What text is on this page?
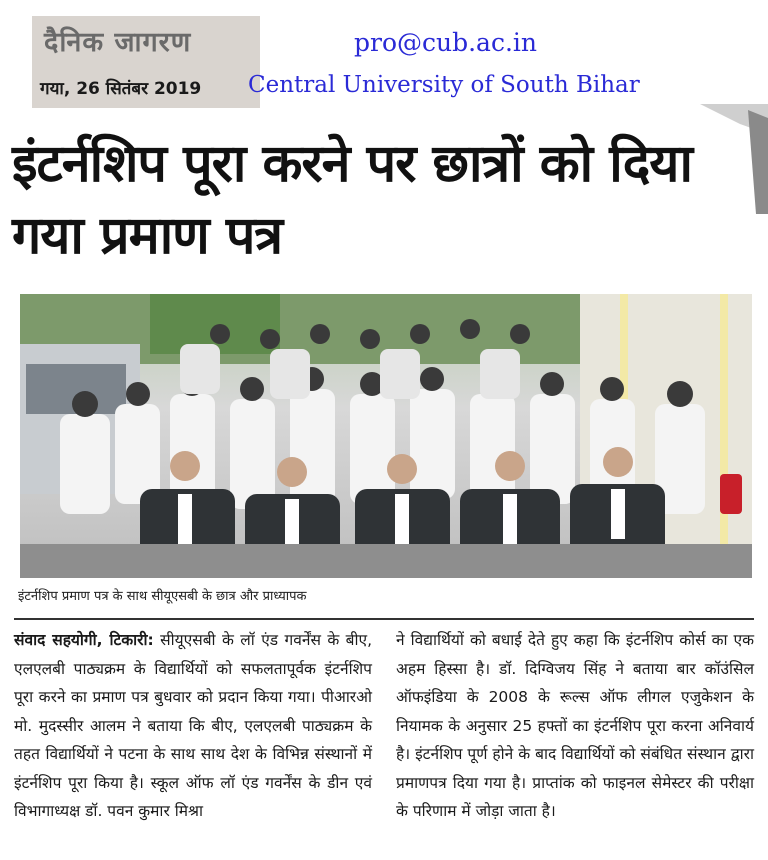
दैनिक जागरण
गया, 26 सितंबर 2019
pro@cub.ac.in
Central University of South Bihar
इंटर्नशिप पूरा करने पर छात्रों को दिया गया प्रमाण पत्र
इंटर्नशिप प्रमाण पत्र के साथ सीयूएसबी के छात्र और प्राध्यापक

संवाद सहयोगी, टिकारी: सीयूएसबी के लॉ एंड गवर्नेंस के बीए, एलएलबी पाठ्यक्रम के विद्यार्थियों को सफलतापूर्वक इंटर्नशिप पूरा करने का प्रमाण पत्र बुधवार को प्रदान किया गया। पीआरओ मो. मुदस्सीर आलम ने बताया कि बीए, एलएलबी पाठ्यक्रम के तहत विद्यार्थियों ने पटना के साथ साथ देश के विभिन्न संस्थानों में इंटर्नशिप पूरा किया है। स्कूल ऑफ लॉ एंड गवर्नेंस के डीन एवं विभागाध्यक्ष डॉ. पवन कुमार मिश्रा

ने विद्यार्थियों को बधाई देते हुए कहा कि इंटर्नशिप कोर्स का एक अहम हिस्सा है। डॉ. दिग्विजय सिंह ने बताया बार कॉउंसिल ऑफइंडिया के 2008 के रूल्स ऑफ लीगल एजुकेशन के नियामक के अनुसार 25 हफ्तों का इंटर्नशिप पूरा करना अनिवार्य है। इंटर्नशिप पूर्ण होने के बाद विद्यार्थियों को संबंधित संस्थान द्वारा प्रमाणपत्र दिया गया है। प्राप्तांक को फाइनल सेमेस्टर की परीक्षा के परिणाम में जोड़ा जाता है।
